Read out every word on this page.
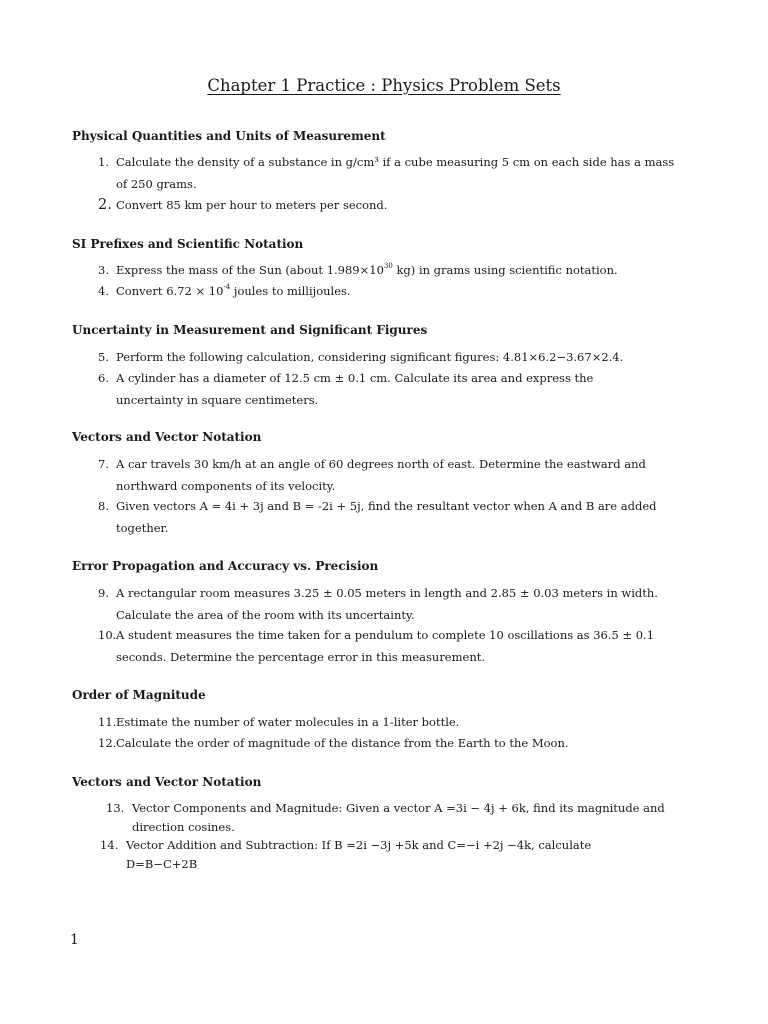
Chapter 1 Practice : Physics Problem Sets
Physical Quantities and Units of Measurement
1. Calculate the density of a substance in g/cm³ if a cube measuring 5 cm on each side has a mass of 250 grams.
2. Convert 85 km per hour to meters per second.
SI Prefixes and Scientific Notation
3. Express the mass of the Sun (about $1.989\times 10^{30}$ kg) in grams using scientific notation.
4. Convert $6.72 \times 10^{-4}$ joules to millijoules.
Uncertainty in Measurement and Significant Figures
5. Perform the following calculation, considering significant figures: 4.81×6.2−3.67×2.4.
6. A cylinder has a diameter of 12.5 cm ± 0.1 cm. Calculate its area and express the uncertainty in square centimeters.
Vectors and Vector Notation
7. A car travels 30 km/h at an angle of 60 degrees north of east. Determine the eastward and northward components of its velocity.
8. Given vectors A = 4i + 3j and B = -2i + 5j, find the resultant vector when A and B are added together.
Error Propagation and Accuracy vs. Precision
9. A rectangular room measures 3.25 ± 0.05 meters in length and 2.85 ± 0.03 meters in width. Calculate the area of the room with its uncertainty.
10. A student measures the time taken for a pendulum to complete 10 oscillations as 36.5 ± 0.1 seconds. Determine the percentage error in this measurement.
Order of Magnitude
11. Estimate the number of water molecules in a 1-liter bottle.
12. Calculate the order of magnitude of the distance from the Earth to the Moon.
Vectors and Vector Notation
13. Vector Components and Magnitude: Given a vector A =3i − 4j + 6k, find its magnitude and direction cosines.
14. Vector Addition and Subtraction: If B =2i −3j +5k and C=−i +2j −4k, calculate D=B−C+2B
1
